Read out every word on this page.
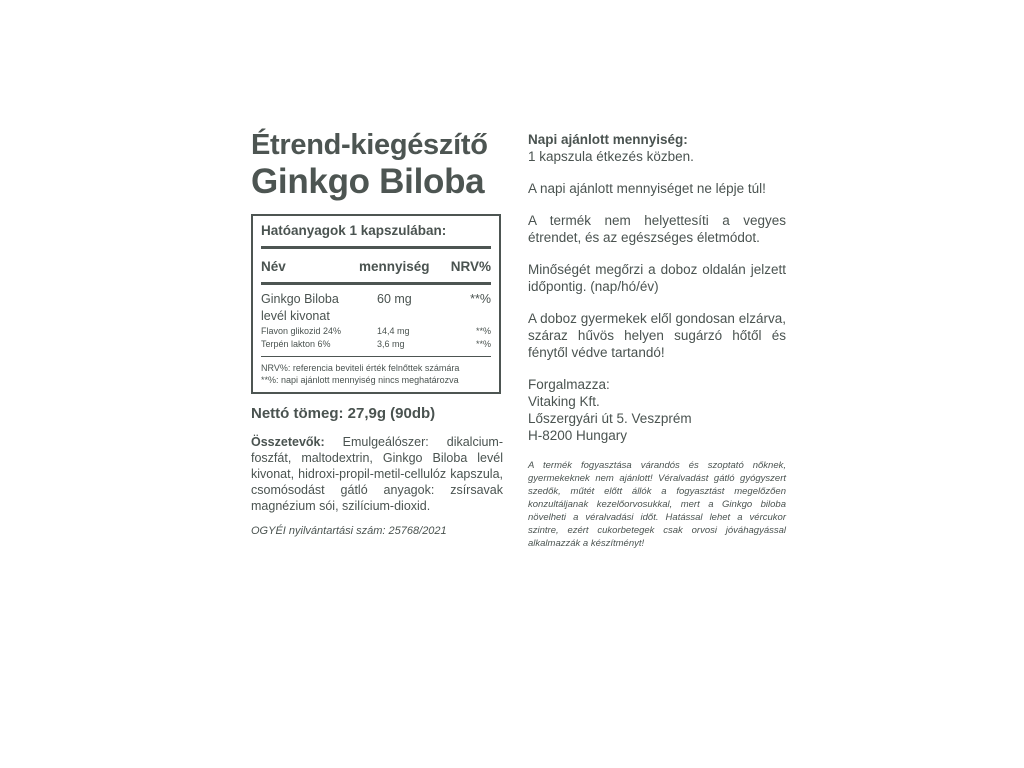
Étrend-kiegészítő
Ginkgo Biloba
Hatóanyagok 1 kapszulában:
Név	mennyiség	NRV%
Ginkgo Biloba	60 mg	**%
levél kivonat
Flavon glikozid 24%	14,4 mg	**%
Terpén lakton 6%	3,6 mg	**%
NRV%: referencia beviteli érték felnőttek számára
**%: napi ajánlott mennyiség nincs meghatározva
Nettó tömeg: 27,9g (90db)

Összetevők: Emulgeálószer: dikalcium-foszfát, maltodextrin, Ginkgo Biloba levél kivonat, hidroxi-propil-metil-cellulóz kapszula, csomósodást gátló anyagok: zsírsavak magnézium sói, szilícium-dioxid.

OGYÉI nyilvántartási szám: 25768/2021

Napi ajánlott mennyiség:
1 kapszula étkezés közben.

A napi ajánlott mennyiséget ne lépje túl!

A termék nem helyettesíti a vegyes étrendet, és az egészséges életmódot.

Minőségét megőrzi a doboz oldalán jelzett időpontig. (nap/hó/év)

A doboz gyermekek elől gondosan elzárva, száraz hűvös helyen sugárzó hőtől és fénytől védve tartandó!

Forgalmazza:

Vitaking Kft.

Lőszergyári út 5. Veszprém

H-8200 Hungary

A termék fogyasztása várandós és szoptató nőknek, gyermekeknek nem ajánlott! Véralvadást gátló gyógyszert szedők, műtét előtt állók a fogyasztást megelőzően konzultáljanak kezelőorvosukkal, mert a Ginkgo biloba növelheti a véralvadási időt. Hatással lehet a vércukor szintre, ezért cukorbetegek csak orvosi jóváhagyással alkalmazzák a készítményt!
